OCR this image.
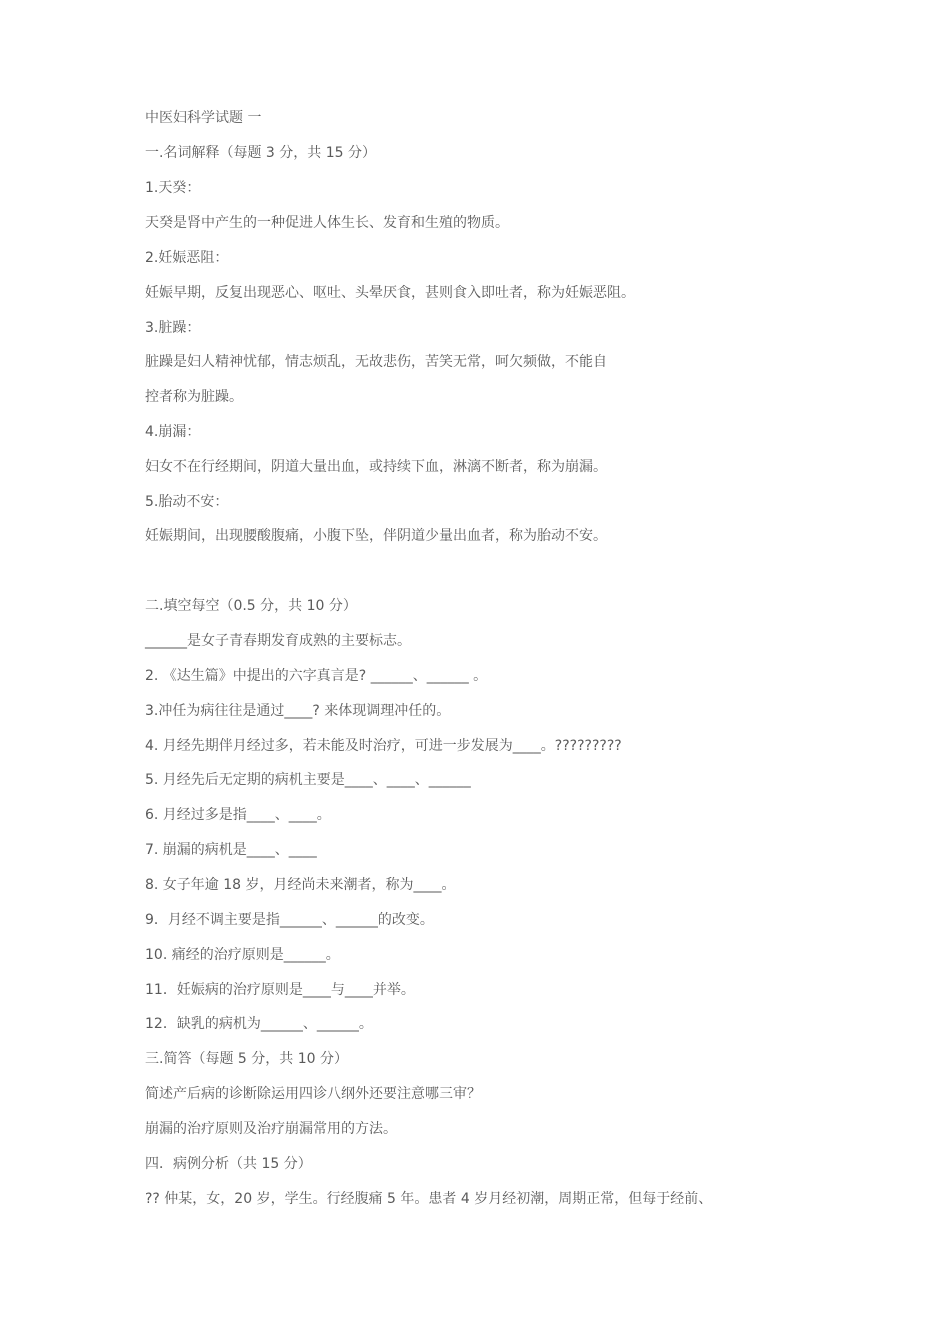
中医妇科学试题 一
一.名词解释（每题 3 分，共 15 分）
1.天癸：
天癸是肾中产生的一种促进人体生长、发育和生殖的物质。
2.妊娠恶阻：
妊娠早期，反复出现恶心、呕吐、头晕厌食，甚则食入即吐者，称为妊娠恶阻。
3.脏躁：
脏躁是妇人精神忧郁，情志烦乱，无故悲伤，苦笑无常，呵欠频做，不能自
控者称为脏躁。
4.崩漏：
妇女不在行经期间，阴道大量出血，或持续下血，淋漓不断者，称为崩漏。
5.胎动不安：
妊娠期间，出现腰酸腹痛，小腹下坠，伴阴道少量出血者，称为胎动不安。
二.填空每空（0.5 分，共 10 分）
______是女子青春期发育成熟的主要标志。
2. 《达生篇》中提出的六字真言是? ______、______ 。
3.冲任为病往往是通过____? 来体现调理冲任的。
4. 月经先期伴月经过多，若未能及时治疗，可进一步发展为____。?????????
5. 月经先后无定期的病机主要是____、____、______
6. 月经过多是指____、____。
7. 崩漏的病机是____、____
8. 女子年逾 18 岁，月经尚未来潮者，称为____。
9．月经不调主要是指______、______的改变。
10. 痛经的治疗原则是______。
11．妊娠病的治疗原则是____与____并举。
12．缺乳的病机为______、______。
三.简答（每题 5 分，共 10 分）
简述产后病的诊断除运用四诊八纲外还要注意哪三审？
崩漏的治疗原则及治疗崩漏常用的方法。
四．病例分析（共 15 分）
?? 仲某，女，20 岁，学生。行经腹痛 5 年。患者 4 岁月经初潮，周期正常，但每于经前、
